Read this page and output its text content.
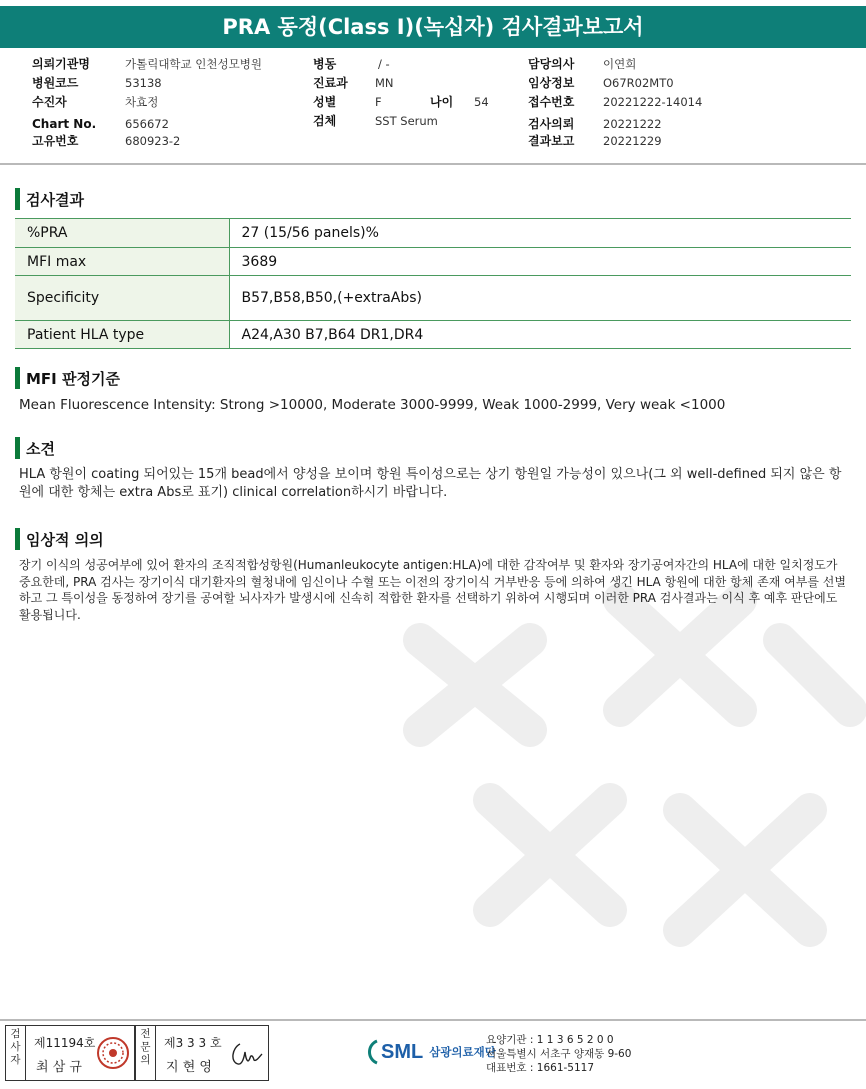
PRA 동정(Class I)(녹십자) 검사결과보고서
의뢰기관명	가톨릭대학교 인천성모병원
병원코드	53138
수진자	차효정
Chart No.	656672
고유번호	680923-2
병동	/ -
진료과 MN
성별	F	나이 54
검체	SST Serum
담당의사 이연희
임상정보 O67R02MT0
접수번호 20221222-14014
검사의뢰 20221222
결과보고 20221229
검사결과
%PRA	27 (15/56 panels)%
MFI max	3689
Specificity	B57,B58,B50,(+extraAbs)
Patient HLA type	A24,A30 B7,B64 DR1,DR4
MFI 판정기준
Mean Fluorescence Intensity: Strong >10000, Moderate 3000-9999, Weak 1000-2999, Very weak <1000
소견
HLA 항원이 coating 되어있는 15개 bead에서 양성을 보이며 항원 특이성으로는 상기 항원일 가능성이 있으나(그 외 well-defined 되지 않은 항원에 대한 항체는 extra Abs로 표기) clinical correlation하시기 바랍니다.
임상적 의의
장기 이식의 성공여부에 있어 환자의 조직적합성항원(Humanleukocyte antigen:HLA)에 대한 감작여부 및 환자와 장기공여자간의 HLA에 대한 일치정도가 중요한데, PRA 검사는 장기이식 대기환자의 혈청내에 임신이나 수혈 또는 이전의 장기이식 거부반응 등에 의하여 생긴 HLA 항원에 대한 항체 존재 여부를 선별하고 그 특이성을 동정하여 장기를 공여할 뇌사자가 발생시에 신속히 적합한 환자를 선택하기 위하여 시행되며 이러한 PRA 검사결과는 이식 후 예후 판단에도 활용됩니다.
검사자
제11194호
최 삼 규
전문의
제3 3 3 호
지 현 영
SML 삼광의료재단
요양기관 : 1 1 3 6 5 2 0 0
서울특별시 서초구 양재동 9-60
대표번호 : 1661-5117
